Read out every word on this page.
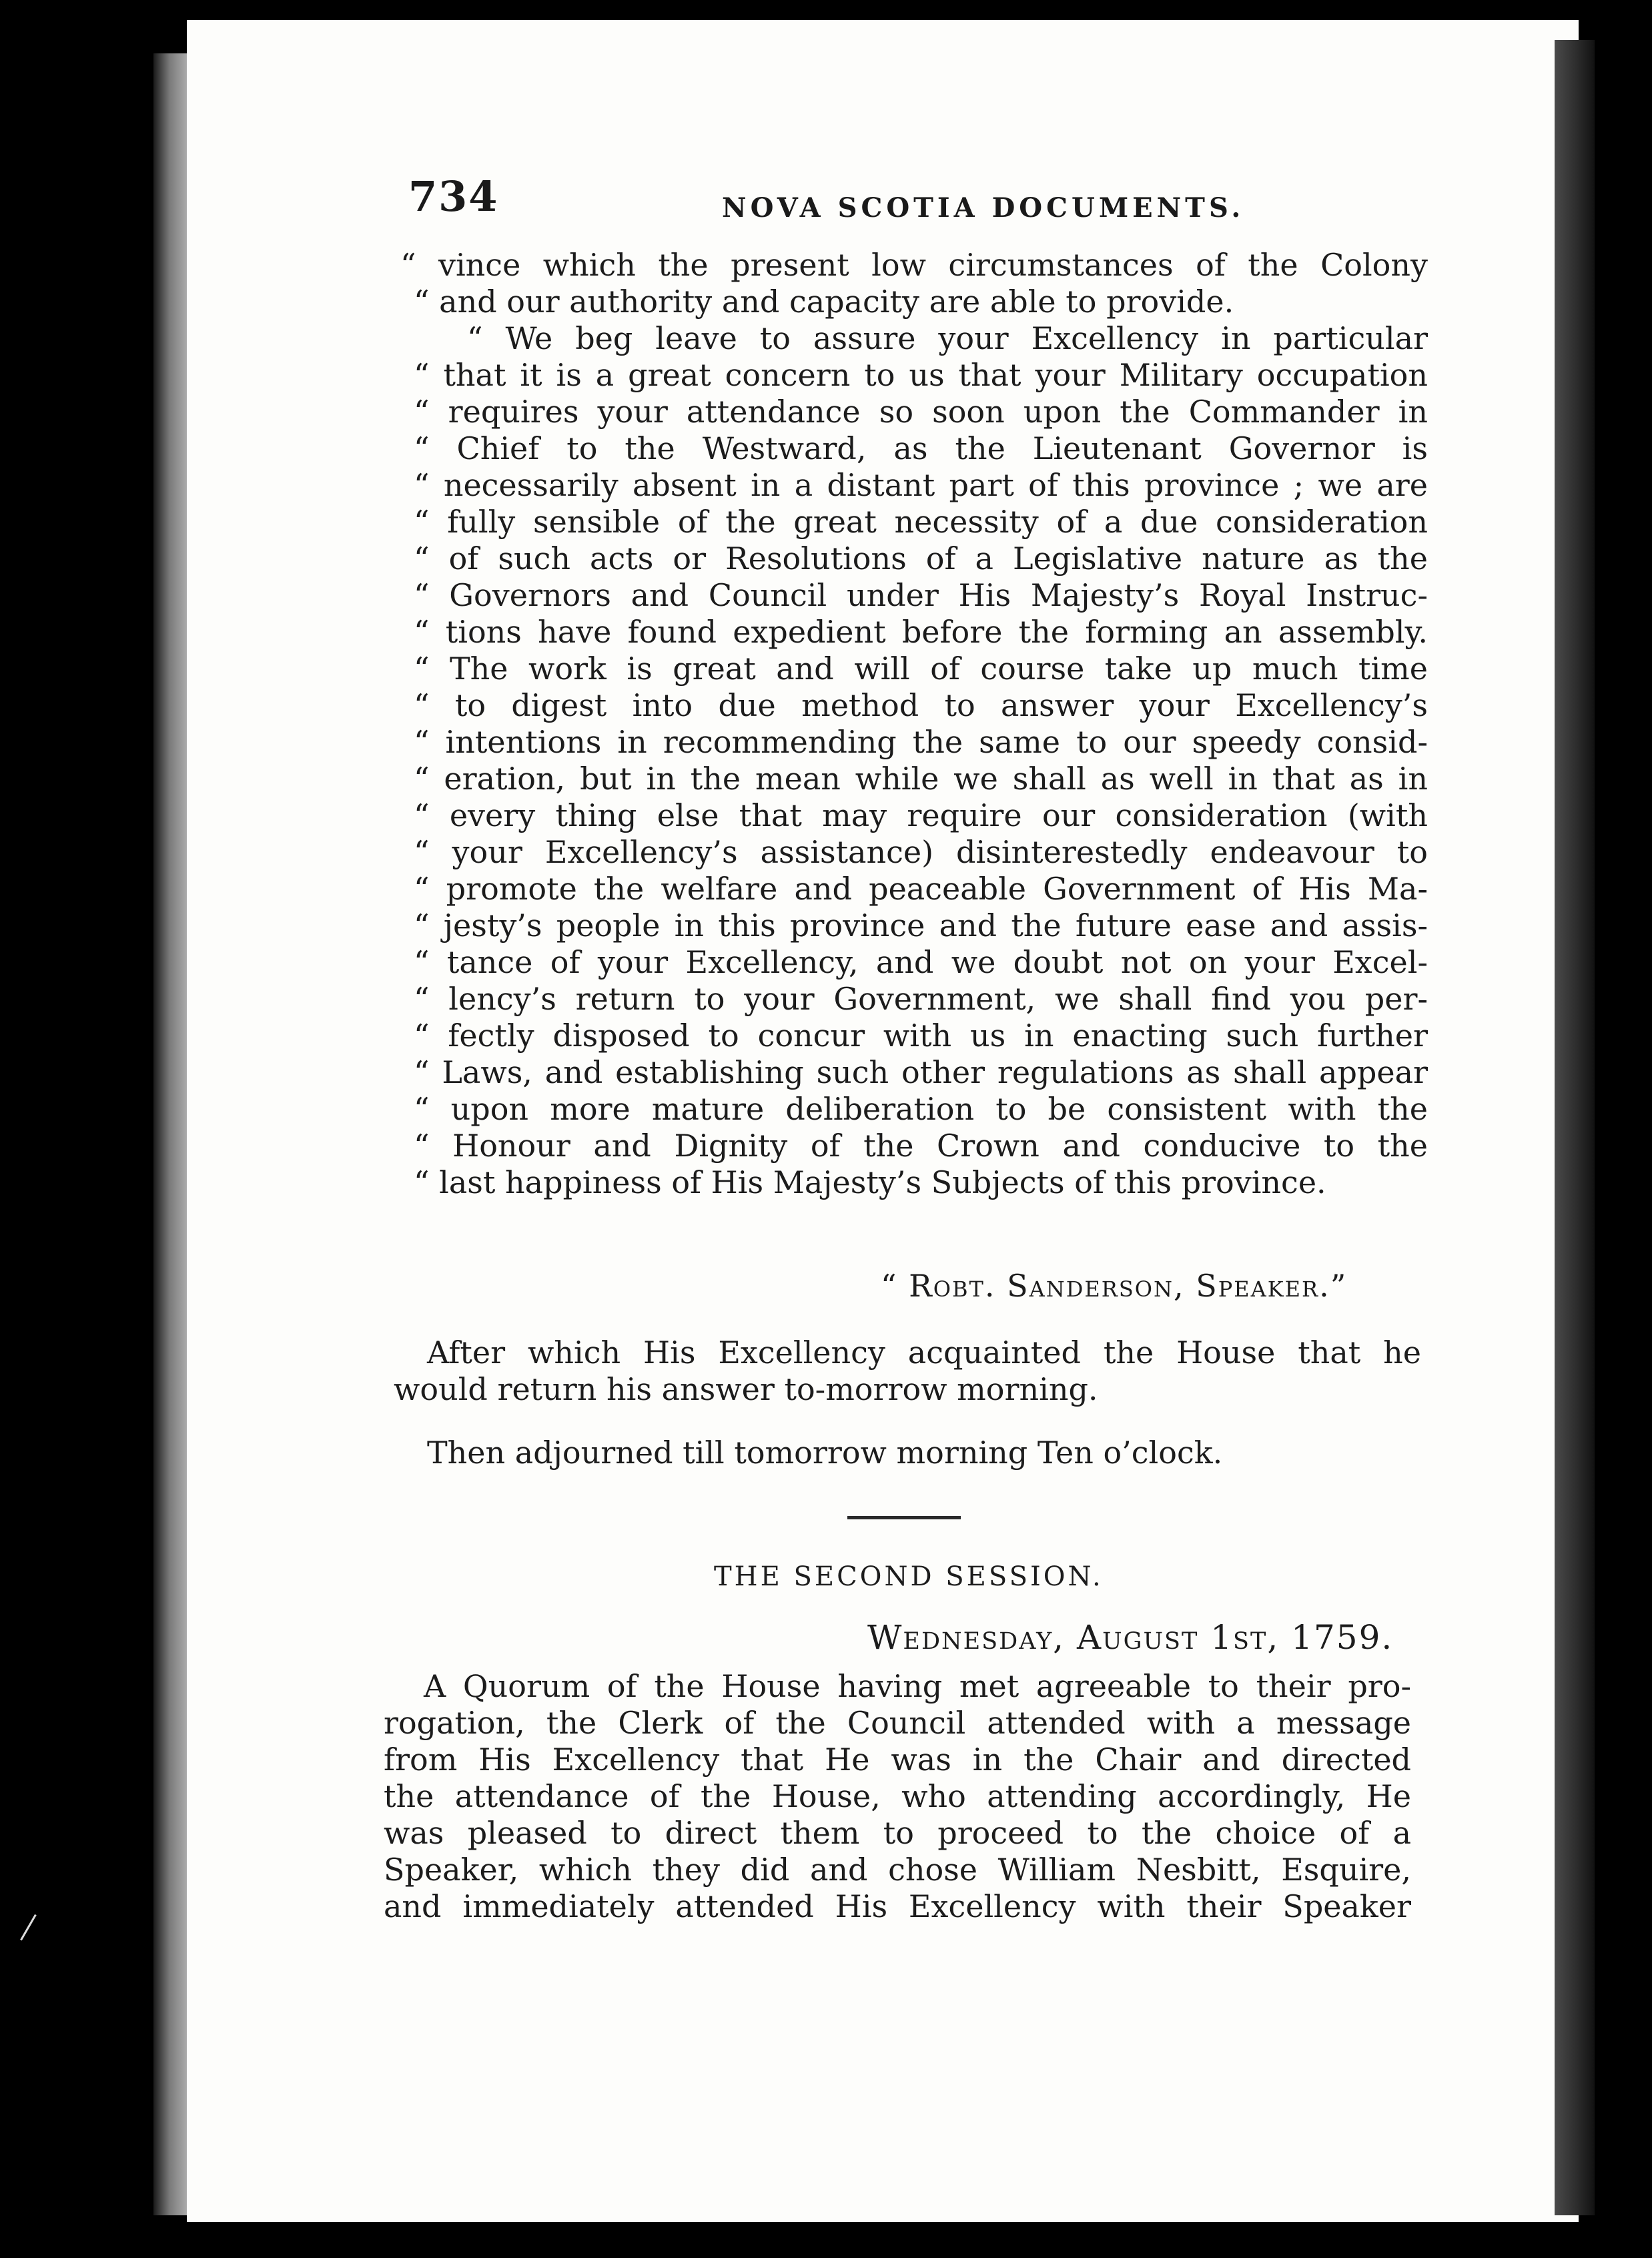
734	NOVA SCOTIA DOCUMENTS.
“ vince which the present low circumstances of the Colony
“ and our authority and capacity are able to provide.
“ We beg leave to assure your Excellency in particular
“ that it is a great concern to us that your Military occupation
“ requires your attendance so soon upon the Commander in
“ Chief to the Westward, as the Lieutenant Governor is
“ necessarily absent in a distant part of this province ; we are
“ fully sensible of the great necessity of a due consideration
“ of such acts or Resolutions of a Legislative nature as the
“ Governors and Council under His Majesty’s Royal Instruc-
“ tions have found expedient before the forming an assembly.
“ The work is great and will of course take up much time
“ to digest into due method to answer your Excellency’s
“ intentions in recommending the same to our speedy consid-
“ eration, but in the mean while we shall as well in that as in
“ every thing else that may require our consideration (with
“ your Excellency’s assistance) disinterestedly endeavour to
“ promote the welfare and peaceable Government of His Ma-
“ jesty’s people in this province and the future ease and assis-
“ tance of your Excellency, and we doubt not on your Excel-
“ lency’s return to your Government, we shall find you per-
“ fectly disposed to concur with us in enacting such further
“ Laws, and establishing such other regulations as shall appear
“ upon more mature deliberation to be consistent with the
“ Honour and Dignity of the Crown and conducive to the
“ last happiness of His Majesty’s Subjects of this province.
“ Robt. Sanderson, Speaker.”
After which His Excellency acquainted the House that he
would return his answer to-morrow morning.
Then adjourned till tomorrow morning Ten o’clock.
THE SECOND SESSION.
Wednesday, August 1st, 1759.
A Quorum of the House having met agreeable to their pro-
rogation, the Clerk of the Council attended with a message
from His Excellency that He was in the Chair and directed
the attendance of the House, who attending accordingly, He
was pleased to direct them to proceed to the choice of a
Speaker, which they did and chose William Nesbitt, Esquire,
and immediately attended His Excellency with their Speaker
